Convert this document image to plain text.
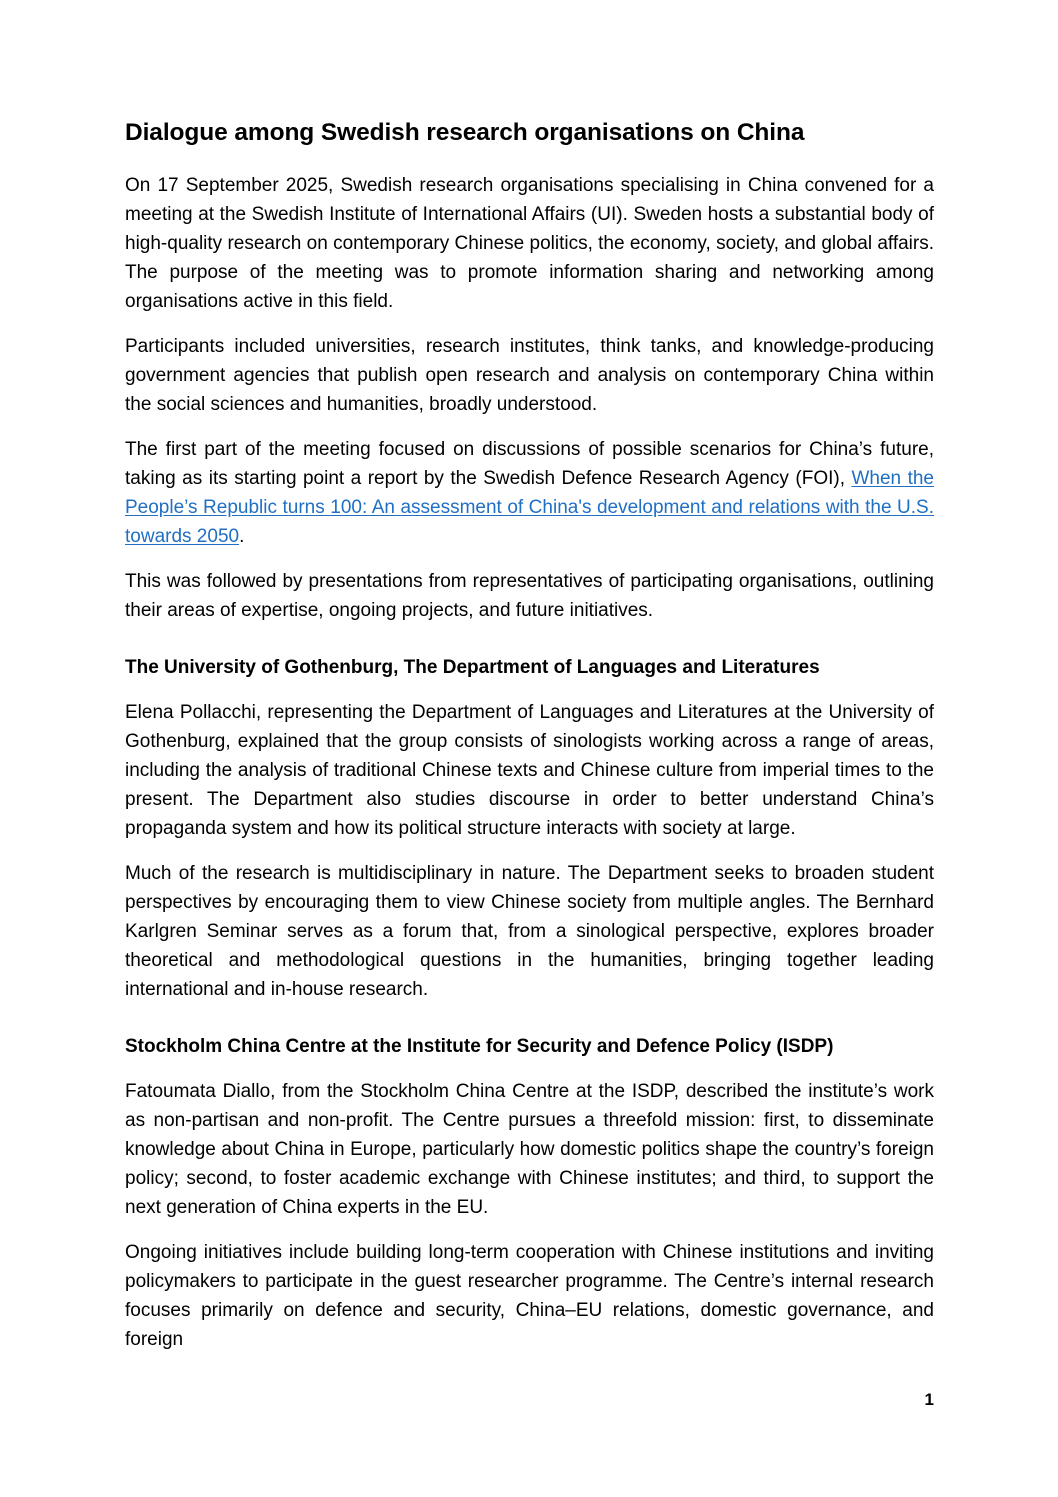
Dialogue among Swedish research organisations on China

On 17 September 2025, Swedish research organisations specialising in China convened for a meeting at the Swedish Institute of International Affairs (UI). Sweden hosts a substantial body of high-quality research on contemporary Chinese politics, the economy, society, and global affairs. The purpose of the meeting was to promote information sharing and networking among organisations active in this field.

Participants included universities, research institutes, think tanks, and knowledge-producing government agencies that publish open research and analysis on contemporary China within the social sciences and humanities, broadly understood.

The first part of the meeting focused on discussions of possible scenarios for China’s future, taking as its starting point a report by the Swedish Defence Research Agency (FOI), When the People’s Republic turns 100: An assessment of China's development and relations with the U.S. towards 2050.

This was followed by presentations from representatives of participating organisations, outlining their areas of expertise, ongoing projects, and future initiatives.

The University of Gothenburg, The Department of Languages and Literatures

Elena Pollacchi, representing the Department of Languages and Literatures at the University of Gothenburg, explained that the group consists of sinologists working across a range of areas, including the analysis of traditional Chinese texts and Chinese culture from imperial times to the present. The Department also studies discourse in order to better understand China’s propaganda system and how its political structure interacts with society at large.

Much of the research is multidisciplinary in nature. The Department seeks to broaden student perspectives by encouraging them to view Chinese society from multiple angles. The Bernhard Karlgren Seminar serves as a forum that, from a sinological perspective, explores broader theoretical and methodological questions in the humanities, bringing together leading international and in-house research.

Stockholm China Centre at the Institute for Security and Defence Policy (ISDP)

Fatoumata Diallo, from the Stockholm China Centre at the ISDP, described the institute’s work as non-partisan and non-profit. The Centre pursues a threefold mission: first, to disseminate knowledge about China in Europe, particularly how domestic politics shape the country’s foreign policy; second, to foster academic exchange with Chinese institutes; and third, to support the next generation of China experts in the EU.

Ongoing initiatives include building long-term cooperation with Chinese institutions and inviting policymakers to participate in the guest researcher programme. The Centre’s internal research focuses primarily on defence and security, China–EU relations, domestic governance, and foreign

1
